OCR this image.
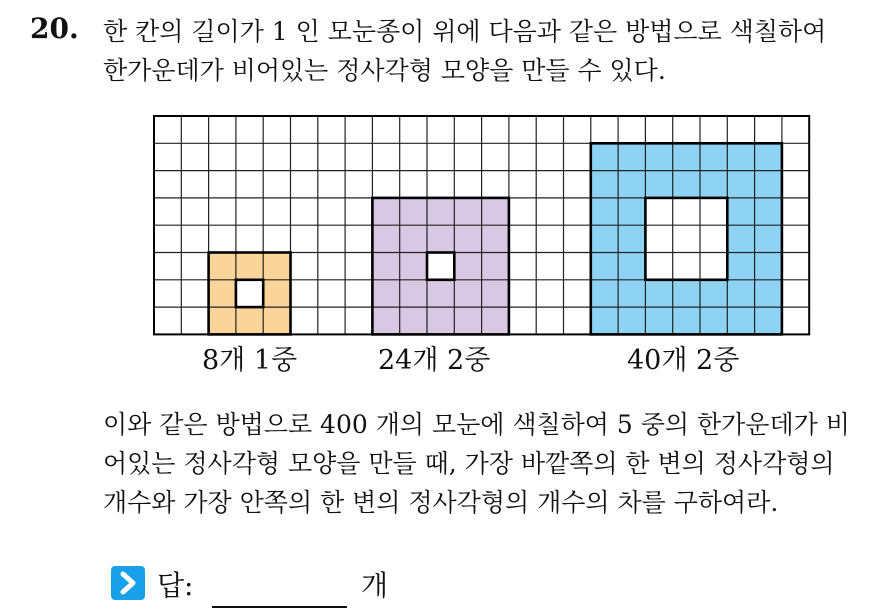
20. 한 칸의 길이가 1 인 모눈종이 위에 다음과 같은 방법으로 색칠하여
한가운데가 비어있는 정사각형 모양을 만들 수 있다.
8개 1중	24개 2중	40개 2중
이와 같은 방법으로 400 개의 모눈에 색칠하여 5 중의 한가운데가 비
어있는 정사각형 모양을 만들 때, 가장 바깥쪽의 한 변의 정사각형의
개수와 가장 안쪽의 한 변의 정사각형의 개수의 차를 구하여라.
답:	개
